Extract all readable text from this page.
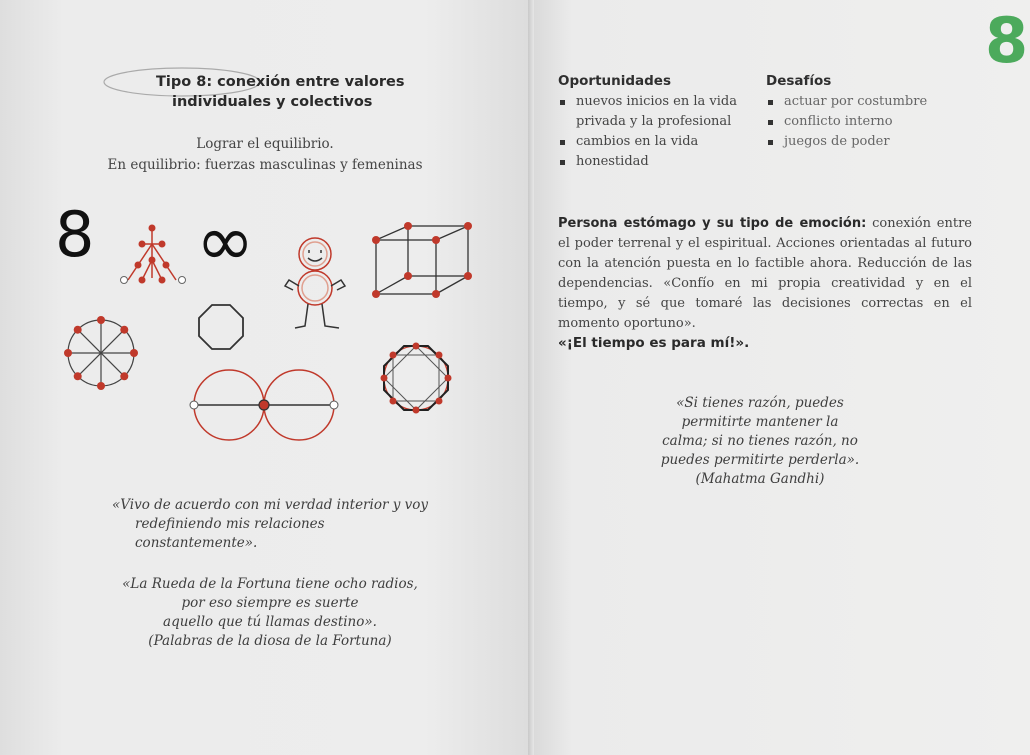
Tipo 8: conexión entre valores
individuales y colectivos
Lograr el equilibrio.
En equilibrio: fuerzas masculinas y femeninas
8 ∞
«Vivo de acuerdo con mi verdad interior y voy
redefiniendo mis relaciones constantemente».
«La Rueda de la Fortuna tiene ocho radios,
por eso siempre es suerte
aquello que tú llamas destino».
(Palabras de la diosa de la Fortuna)
8
Oportunidades
nuevos inicios en la vida
privada y la profesional
cambios en la vida
honestidad
Desafíos
actuar por costumbre
conflicto interno
juegos de poder
Persona estómago y su tipo de emoción: conexión entre el poder terrenal y el espiritual. Acciones orientadas al futuro con la atención puesta en lo factible ahora. Reducción de las dependencias. «Confío en mi propia creatividad y en el tiempo, y sé que tomaré las decisiones correctas en el momento oportuno».
«¡El tiempo es para mí!».
«Si tienes razón, puedes
permitirte mantener la
calma; si no tienes razón, no
puedes permitirte perderla».
(Mahatma Gandhi)
